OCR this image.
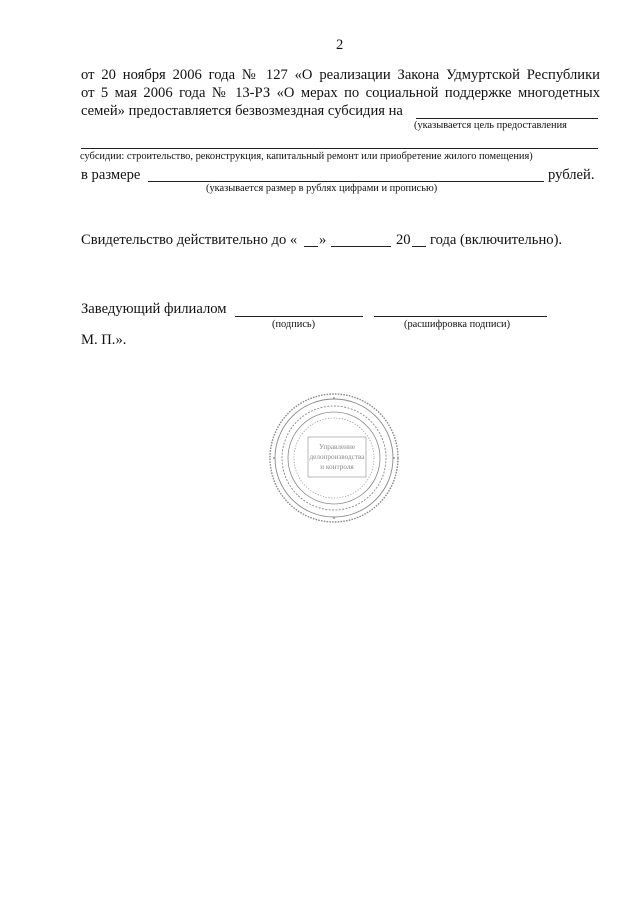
2
от 20 ноября 2006 года № 127 «О реализации Закона Удмуртской Республики
от 5 мая 2006 года № 13-РЗ «О мерах по социальной поддержке многодетных
семей» предоставляется безвозмездная субсидия на
(указывается цель предоставления
субсидии: строительство, реконструкция, капитальный ремонт или приобретение жилого помещения)
в размере	рублей.
(указывается размер в рублях цифрами и прописью)
Свидетельство действительно до « »	20 года (включительно).
Заведующий филиалом
(подпись)	(расшифровка подписи)
М. П.».
Управление
делопроизводства
и контроля
